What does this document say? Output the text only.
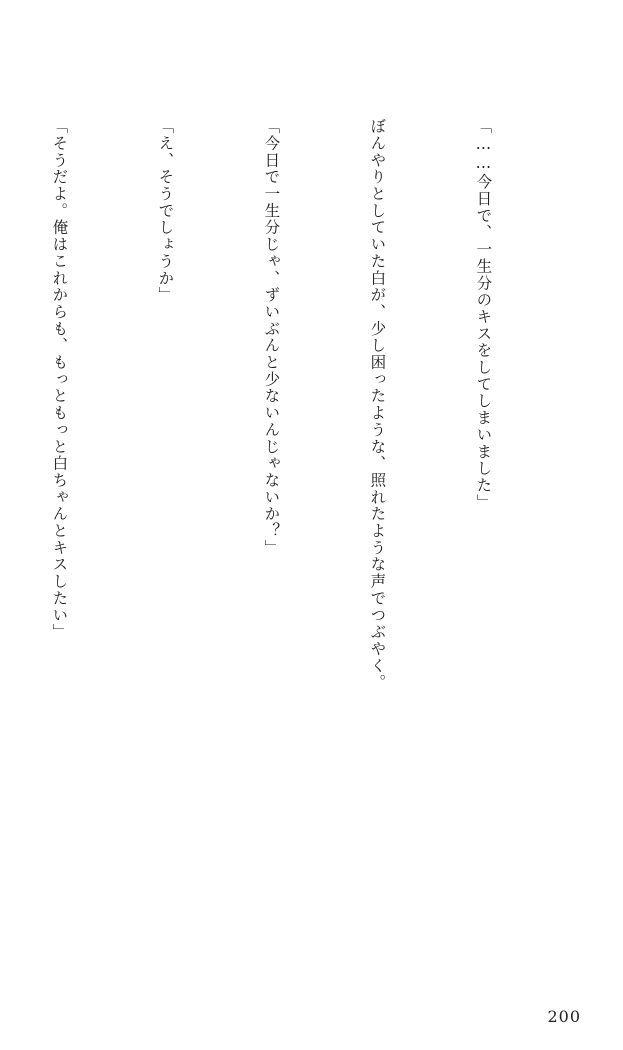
「……今日で、一生分のキスをしてしまいました」

ぼんやりとしていた白が、少し困ったような、照れたような声でつぶやく。

「今日で一生分じゃ、ずいぶんと少ないんじゃないか？」

「え、そうでしょうか」

「そうだよ。俺はこれからも、もっともっと白ちゃんとキスしたい」

200
